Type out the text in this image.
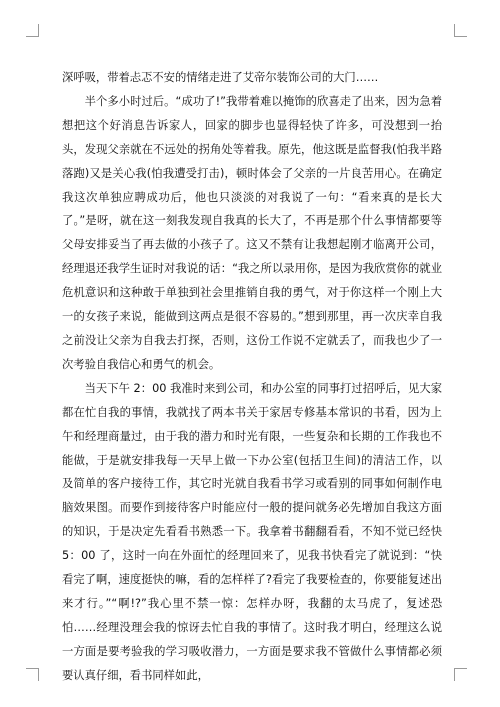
深呼吸，带着忐忑不安的情绪走进了艾帝尔装饰公司的大门……

半个多小时过后。“成功了!”我带着难以掩饰的欣喜走了出来，因为急着想把这个好消息告诉家人，回家的脚步也显得轻快了许多，可没想到一抬头，发现父亲就在不远处的拐角处等着我。原先，他这既是监督我(怕我半路落跑)又是关心我(怕我遭受打击)，顿时体会了父亲的一片良苦用心。在确定我这次单独应聘成功后，他也只淡淡的对我说了一句：“看来真的是长大了。”是呀，就在这一刻我发现自我真的长大了，不再是那个什么事情都要等父母安排妥当了再去做的小孩子了。这又不禁有让我想起刚才临离开公司，经理退还我学生证时对我说的话：“我之所以录用你，是因为我欣赏你的就业危机意识和这种敢于单独到社会里推销自我的勇气，对于你这样一个刚上大一的女孩子来说，能做到这两点是很不容易的。”想到那里，再一次庆幸自我之前没让父亲为自我去打探，否则，这份工作说不定就丢了，而我也少了一次考验自我信心和勇气的机会。

当天下午 2：00 我准时来到公司，和办公室的同事打过招呼后，见大家都在忙自我的事情，我就找了两本书关于家居专修基本常识的书看，因为上午和经理商量过，由于我的潜力和时光有限，一些复杂和长期的工作我也不能做，于是就安排我每一天早上做一下办公室(包括卫生间)的清洁工作，以及简单的客户接待工作，其它时光就自我看书学习或看别的同事如何制作电脑效果图。而要作到接待客户时能应付一般的提问就务必先增加自我这方面的知识，于是决定先看看书熟悉一下。我拿着书翻翻看看，不知不觉已经快 5：00 了，这时一向在外面忙的经理回来了，见我书快看完了就说到：“快看完了啊，速度挺快的嘛，看的怎样样了?看完了我要检查的，你要能复述出来才行。”“啊!?”我心里不禁一惊：怎样办呀，我翻的太马虎了，复述恐怕……经理没理会我的惊讶去忙自我的事情了。这时我才明白，经理这么说一方面是要考验我的学习吸收潜力，一方面是要求我不管做什么事情都必须要认真仔细，看书同样如此，
